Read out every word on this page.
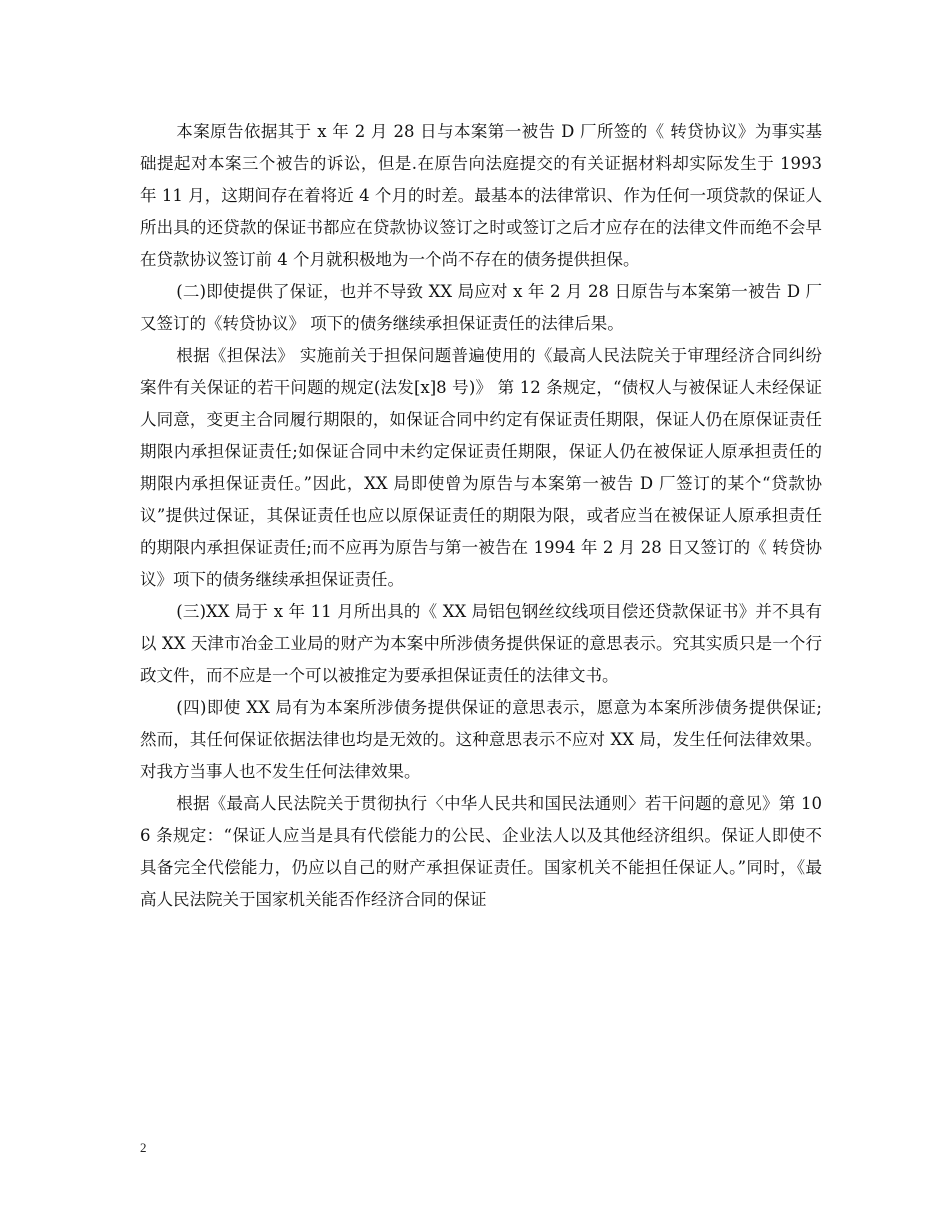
本案原告依据其于 x 年 2 月 28 日与本案第一被告 D 厂所签的《 转贷协议》为事实基础提起对本案三个被告的诉讼，但是.在原告向法庭提交的有关证据材料却实际发生于 1993 年 11 月，这期间存在着将近 4 个月的时差。最基本的法律常识、作为任何一项贷款的保证人所出具的还贷款的保证书都应在贷款协议签订之时或签订之后才应存在的法律文件而绝不会早在贷款协议签订前 4 个月就积极地为一个尚不存在的债务提供担保。

(二)即使提供了保证，也并不导致 XX 局应对 x 年 2 月 28 日原告与本案第一被告 D 厂又签订的《转贷协议》 项下的债务继续承担保证责任的法律后果。

根据《担保法》 实施前关于担保问题普遍使用的《最高人民法院关于审理经济合同纠纷案件有关保证的若干问题的规定(法发[x]8 号)》 第 12 条规定，“债权人与被保证人未经保证人同意，变更主合同履行期限的，如保证合同中约定有保证责任期限，保证人仍在原保证责任期限内承担保证责任;如保证合同中未约定保证责任期限，保证人仍在被保证人原承担责任的期限内承担保证责任。”因此，XX 局即使曾为原告与本案第一被告 D 厂签订的某个“贷款协议”提供过保证，其保证责任也应以原保证责任的期限为限，或者应当在被保证人原承担责任的期限内承担保证责任;而不应再为原告与第一被告在 1994 年 2 月 28 日又签订的《 转贷协议》项下的债务继续承担保证责任。

(三)XX 局于 x 年 11 月所出具的《 XX 局铝包钢丝纹线项目偿还贷款保证书》并不具有以 XX 天津市冶金工业局的财产为本案中所涉债务提供保证的意思表示。究其实质只是一个行政文件，而不应是一个可以被推定为要承担保证责任的法律文书。

(四)即使 XX 局有为本案所涉债务提供保证的意思表示，愿意为本案所涉债务提供保证;然而，其任何保证依据法律也均是无效的。这种意思表示不应对 XX 局，发生任何法律效果。对我方当事人也不发生任何法律效果。

根据《最高人民法院关于贯彻执行〈中华人民共和国民法通则〉若干问题的意见》第 106 条规定：“保证人应当是具有代偿能力的公民、企业法人以及其他经济组织。保证人即使不具备完全代偿能力，仍应以自己的财产承担保证责任。国家机关不能担任保证人。”同时，《最高人民法院关于国家机关能否作经济合同的保证

2
